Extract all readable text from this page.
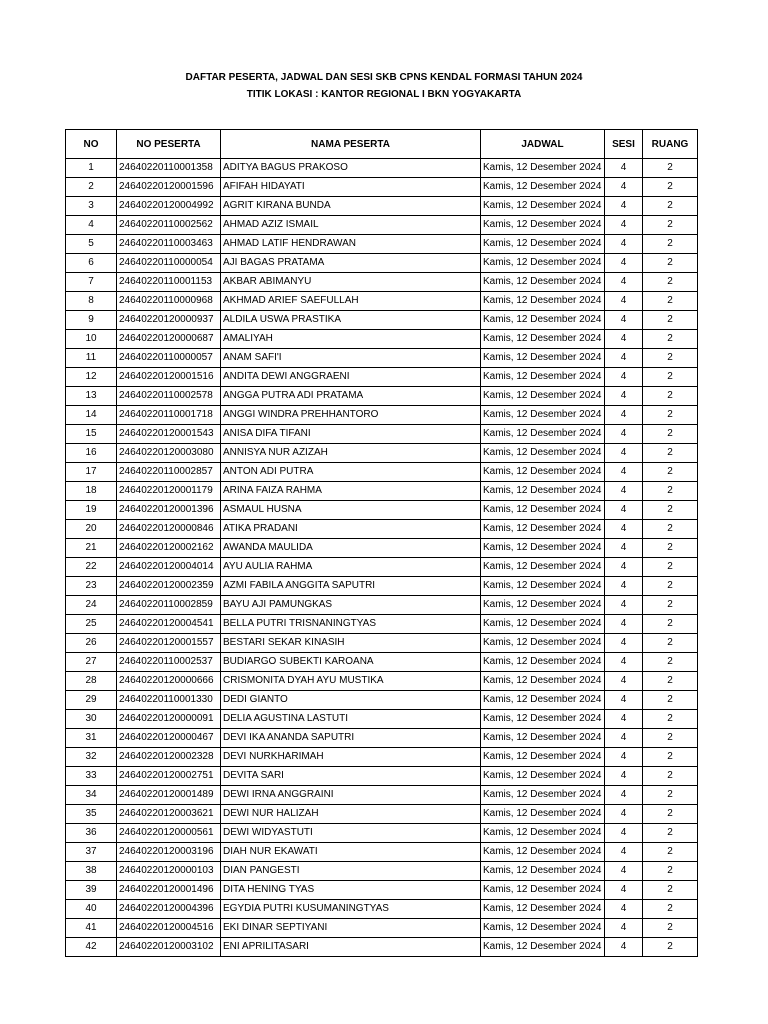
DAFTAR PESERTA, JADWAL DAN SESI SKB CPNS KENDAL FORMASI TAHUN 2024
TITIK LOKASI : KANTOR REGIONAL I BKN YOGYAKARTA
NO	NO PESERTA	NAMA PESERTA	JADWAL	SESI	RUANG
1	24640220110001358	ADITYA BAGUS PRAKOSO	Kamis, 12 Desember 2024	4	2
2	24640220120001596	AFIFAH HIDAYATI	Kamis, 12 Desember 2024	4	2
3	24640220120004992	AGRIT KIRANA BUNDA	Kamis, 12 Desember 2024	4	2
4	24640220110002562	AHMAD AZIZ ISMAIL	Kamis, 12 Desember 2024	4	2
5	24640220110003463	AHMAD LATIF HENDRAWAN	Kamis, 12 Desember 2024	4	2
6	24640220110000054	AJI BAGAS PRATAMA	Kamis, 12 Desember 2024	4	2
7	24640220110001153	AKBAR ABIMANYU	Kamis, 12 Desember 2024	4	2
8	24640220110000968	AKHMAD ARIEF SAEFULLAH	Kamis, 12 Desember 2024	4	2
9	24640220120000937	ALDILA USWA PRASTIKA	Kamis, 12 Desember 2024	4	2
10	24640220120000687	AMALIYAH	Kamis, 12 Desember 2024	4	2
11	24640220110000057	ANAM SAFI'I	Kamis, 12 Desember 2024	4	2
12	24640220120001516	ANDITA DEWI ANGGRAENI	Kamis, 12 Desember 2024	4	2
13	24640220110002578	ANGGA PUTRA ADI PRATAMA	Kamis, 12 Desember 2024	4	2
14	24640220110001718	ANGGI WINDRA PREHHANTORO	Kamis, 12 Desember 2024	4	2
15	24640220120001543	ANISA DIFA TIFANI	Kamis, 12 Desember 2024	4	2
16	24640220120003080	ANNISYA NUR AZIZAH	Kamis, 12 Desember 2024	4	2
17	24640220110002857	ANTON ADI PUTRA	Kamis, 12 Desember 2024	4	2
18	24640220120001179	ARINA FAIZA RAHMA	Kamis, 12 Desember 2024	4	2
19	24640220120001396	ASMAUL HUSNA	Kamis, 12 Desember 2024	4	2
20	24640220120000846	ATIKA PRADANI	Kamis, 12 Desember 2024	4	2
21	24640220120002162	AWANDA MAULIDA	Kamis, 12 Desember 2024	4	2
22	24640220120004014	AYU AULIA RAHMA	Kamis, 12 Desember 2024	4	2
23	24640220120002359	AZMI FABILA ANGGITA SAPUTRI	Kamis, 12 Desember 2024	4	2
24	24640220110002859	BAYU AJI PAMUNGKAS	Kamis, 12 Desember 2024	4	2
25	24640220120004541	BELLA PUTRI TRISNANINGTYAS	Kamis, 12 Desember 2024	4	2
26	24640220120001557	BESTARI SEKAR KINASIH	Kamis, 12 Desember 2024	4	2
27	24640220110002537	BUDIARGO SUBEKTI KAROANA	Kamis, 12 Desember 2024	4	2
28	24640220120000666	CRISMONITA DYAH AYU MUSTIKA	Kamis, 12 Desember 2024	4	2
29	24640220110001330	DEDI GIANTO	Kamis, 12 Desember 2024	4	2
30	24640220120000091	DELIA AGUSTINA LASTUTI	Kamis, 12 Desember 2024	4	2
31	24640220120000467	DEVI IKA ANANDA SAPUTRI	Kamis, 12 Desember 2024	4	2
32	24640220120002328	DEVI NURKHARIMAH	Kamis, 12 Desember 2024	4	2
33	24640220120002751	DEVITA SARI	Kamis, 12 Desember 2024	4	2
34	24640220120001489	DEWI IRNA ANGGRAINI	Kamis, 12 Desember 2024	4	2
35	24640220120003621	DEWI NUR HALIZAH	Kamis, 12 Desember 2024	4	2
36	24640220120000561	DEWI WIDYASTUTI	Kamis, 12 Desember 2024	4	2
37	24640220120003196	DIAH NUR EKAWATI	Kamis, 12 Desember 2024	4	2
38	24640220120000103	DIAN PANGESTI	Kamis, 12 Desember 2024	4	2
39	24640220120001496	DITA HENING TYAS	Kamis, 12 Desember 2024	4	2
40	24640220120004396	EGYDIA PUTRI KUSUMANINGTYAS	Kamis, 12 Desember 2024	4	2
41	24640220120004516	EKI DINAR SEPTIYANI	Kamis, 12 Desember 2024	4	2
42	24640220120003102	ENI APRILITASARI	Kamis, 12 Desember 2024	4	2
